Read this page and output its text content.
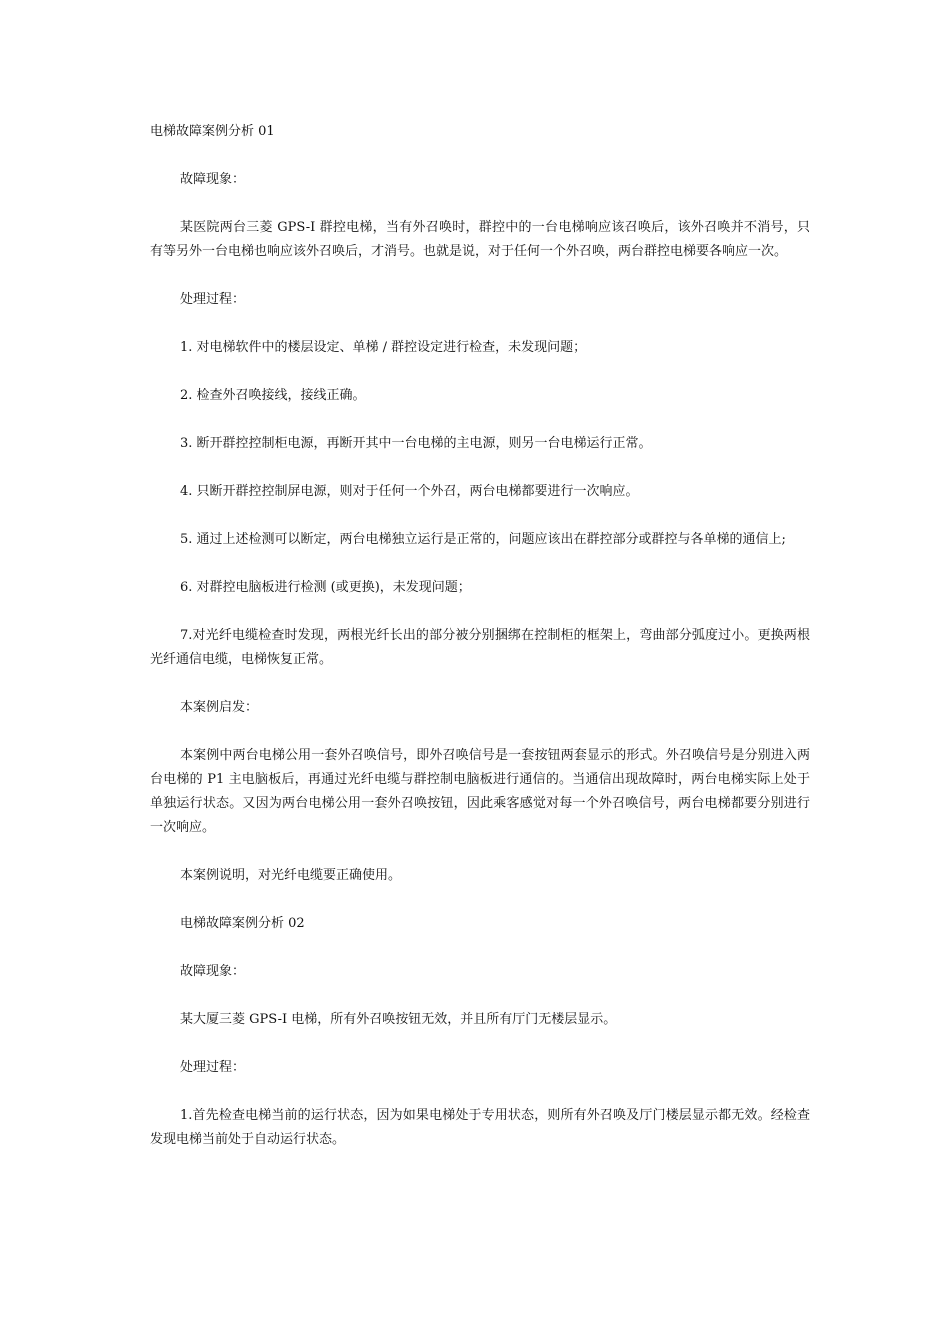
电梯故障案例分析 01

故障现象：

某医院两台三菱 GPS-I 群控电梯，当有外召唤时，群控中的一台电梯响应该召唤后，该外召唤并不消号，只有等另外一台电梯也响应该外召唤后，才消号。也就是说，对于任何一个外召唤，两台群控电梯要各响应一次。

处理过程：

1. 对电梯软件中的楼层设定、单梯 / 群控设定进行检查，未发现问题；

2. 检查外召唤接线，接线正确。

3. 断开群控控制柜电源，再断开其中一台电梯的主电源，则另一台电梯运行正常。

4. 只断开群控控制屏电源，则对于任何一个外召，两台电梯都要进行一次响应。

5. 通过上述检测可以断定，两台电梯独立运行是正常的，问题应该出在群控部分或群控与各单梯的通信上;

6. 对群控电脑板进行检测 (或更换)，未发现问题；

7.对光纤电缆检查时发现，两根光纤长出的部分被分别捆绑在控制柜的框架上，弯曲部分弧度过小。更换两根光纤通信电缆，电梯恢复正常。

本案例启发：

本案例中两台电梯公用一套外召唤信号，即外召唤信号是一套按钮两套显示的形式。外召唤信号是分别进入两台电梯的 P1 主电脑板后，再通过光纤电缆与群控制电脑板进行通信的。当通信出现故障时，两台电梯实际上处于单独运行状态。又因为两台电梯公用一套外召唤按钮，因此乘客感觉对每一个外召唤信号，两台电梯都要分别进行一次响应。

本案例说明，对光纤电缆要正确使用。

电梯故障案例分析 02

故障现象：

某大厦三菱 GPS-I 电梯，所有外召唤按钮无效，并且所有厅门无楼层显示。

处理过程：

1.首先检查电梯当前的运行状态，因为如果电梯处于专用状态，则所有外召唤及厅门楼层显示都无效。经检查发现电梯当前处于自动运行状态。
